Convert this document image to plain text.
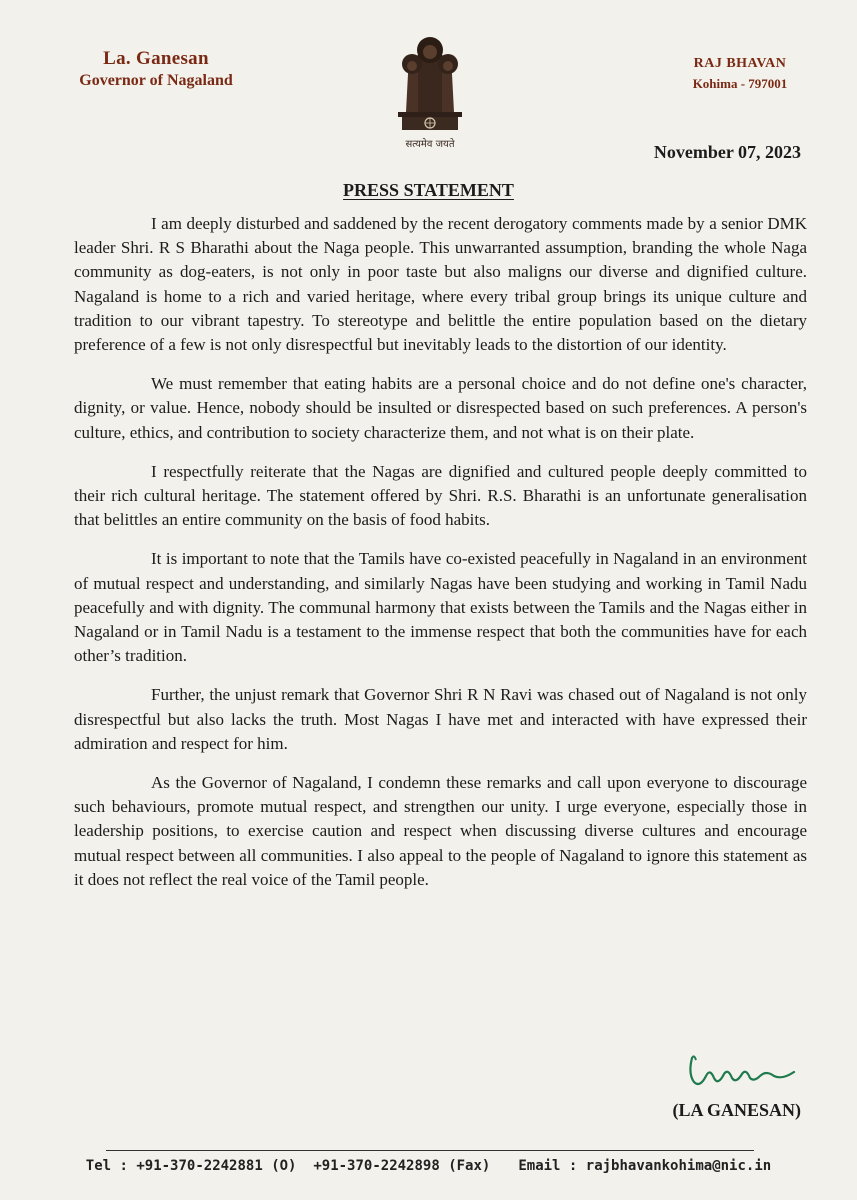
La. Ganesan
Governor of Nagaland
सत्यमेव जयते
RAJ BHAVAN
Kohima - 797001
November 07, 2023
PRESS STATEMENT

I am deeply disturbed and saddened by the recent derogatory comments made by a senior DMK leader Shri. R S Bharathi about the Naga people. This unwarranted assumption, branding the whole Naga community as dog-eaters, is not only in poor taste but also maligns our diverse and dignified culture. Nagaland is home to a rich and varied heritage, where every tribal group brings its unique culture and tradition to our vibrant tapestry. To stereotype and belittle the entire population based on the dietary preference of a few is not only disrespectful but inevitably leads to the distortion of our identity.

We must remember that eating habits are a personal choice and do not define one's character, dignity, or value. Hence, nobody should be insulted or disrespected based on such preferences. A person's culture, ethics, and contribution to society characterize them, and not what is on their plate.

I respectfully reiterate that the Nagas are dignified and cultured people deeply committed to their rich cultural heritage. The statement offered by Shri. R.S. Bharathi is an unfortunate generalisation that belittles an entire community on the basis of food habits.

It is important to note that the Tamils have co-existed peacefully in Nagaland in an environment of mutual respect and understanding, and similarly Nagas have been studying and working in Tamil Nadu peacefully and with dignity. The communal harmony that exists between the Tamils and the Nagas either in Nagaland or in Tamil Nadu is a testament to the immense respect that both the communities have for each other’s tradition.

Further, the unjust remark that Governor Shri R N Ravi was chased out of Nagaland is not only disrespectful but also lacks the truth. Most Nagas I have met and interacted with have expressed their admiration and respect for him.

As the Governor of Nagaland, I condemn these remarks and call upon everyone to discourage such behaviours, promote mutual respect, and strengthen our unity. I urge everyone, especially those in leadership positions, to exercise caution and respect when discussing diverse cultures and encourage mutual respect between all communities. I also appeal to the people of Nagaland to ignore this statement as it does not reflect the real voice of the Tamil people.

(LA GANESAN)
Tel : +91-370-2242881 (O)  +91-370-2242898 (Fax) Email : rajbhavankohima@nic.in
